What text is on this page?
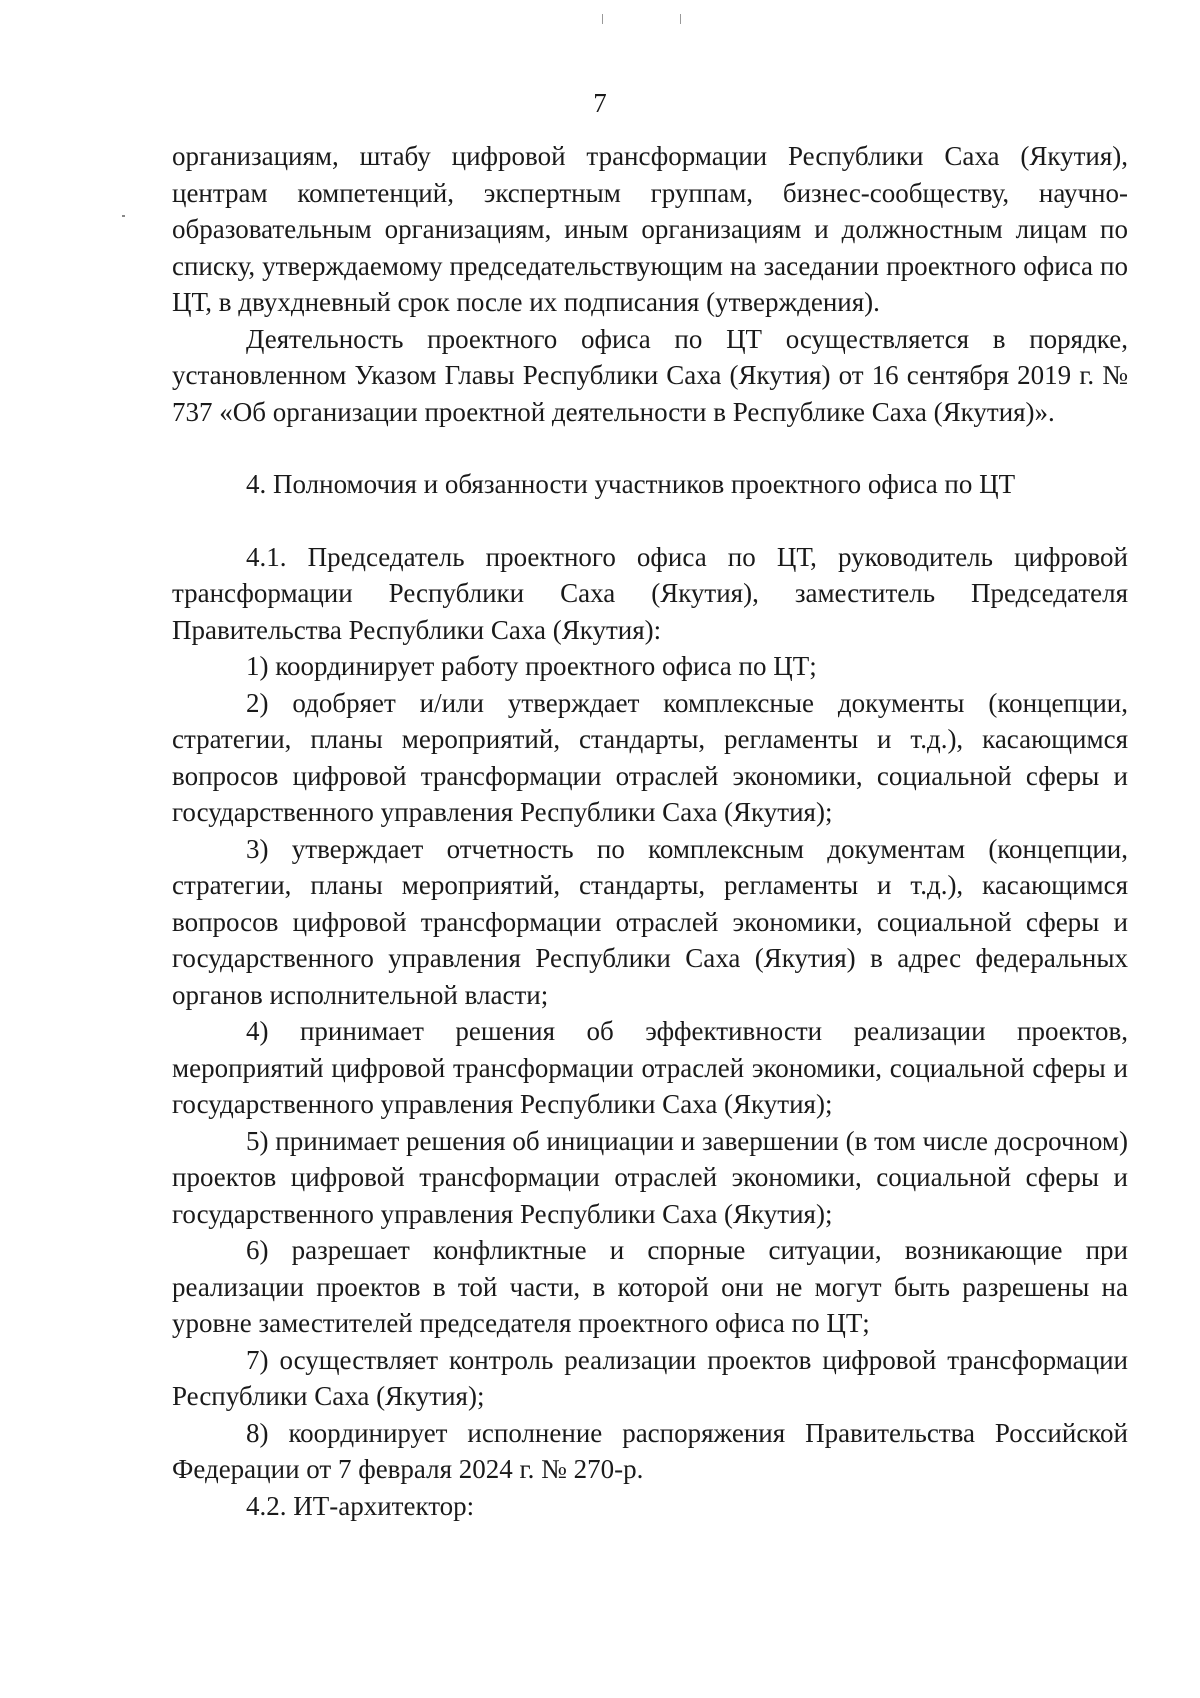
7

организациям, штабу цифровой трансформации Республики Саха (Якутия), центрам компетенций, экспертным группам, бизнес-сообществу, научно-образовательным организациям, иным организациям и должностным лицам по списку, утверждаемому председательствующим на заседании проектного офиса по ЦТ, в двухдневный срок после их подписания (утверждения).

Деятельность проектного офиса по ЦТ осуществляется в порядке, установленном Указом Главы Республики Саха (Якутия) от 16 сентября 2019 г. № 737 «Об организации проектной деятельности в Республике Саха (Якутия)».

4. Полномочия и обязанности участников проектного офиса по ЦТ

4.1. Председатель проектного офиса по ЦТ, руководитель цифровой трансформации Республики Саха (Якутия), заместитель Председателя Правительства Республики Саха (Якутия):

1) координирует работу проектного офиса по ЦТ;

2) одобряет и/или утверждает комплексные документы (концепции, стратегии, планы мероприятий, стандарты, регламенты и т.д.), касающимся вопросов цифровой трансформации отраслей экономики, социальной сферы и государственного управления Республики Саха (Якутия);

3) утверждает отчетность по комплексным документам (концепции, стратегии, планы мероприятий, стандарты, регламенты и т.д.), касающимся вопросов цифровой трансформации отраслей экономики, социальной сферы и государственного управления Республики Саха (Якутия) в адрес федеральных органов исполнительной власти;

4) принимает решения об эффективности реализации проектов, мероприятий цифровой трансформации отраслей экономики, социальной сферы и государственного управления Республики Саха (Якутия);

5) принимает решения об инициации и завершении (в том числе досрочном) проектов цифровой трансформации отраслей экономики, социальной сферы и государственного управления Республики Саха (Якутия);

6) разрешает конфликтные и спорные ситуации, возникающие при реализации проектов в той части, в которой они не могут быть разрешены на уровне заместителей председателя проектного офиса по ЦТ;

7) осуществляет контроль реализации проектов цифровой трансформации Республики Саха (Якутия);

8) координирует исполнение распоряжения Правительства Российской Федерации от 7 февраля 2024 г. № 270-р.

4.2. ИТ-архитектор:
